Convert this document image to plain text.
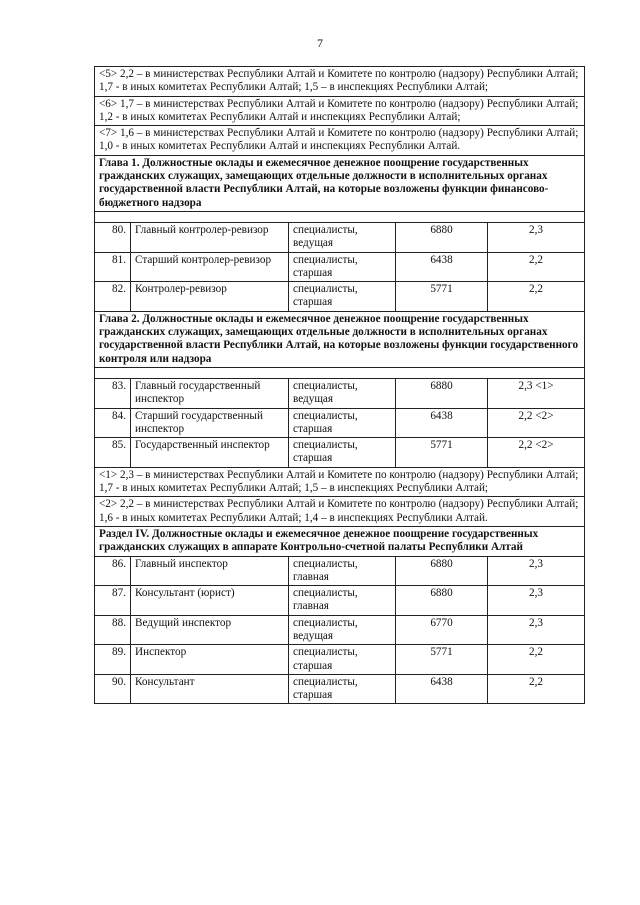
7
<5> 2,2 – в министерствах Республики Алтай и Комитете по контролю (надзору) Республики Алтай; 1,7 - в иных комитетах Республики Алтай; 1,5 – в инспекциях Республики Алтай;				
<6> 1,7 – в министерствах Республики Алтай и Комитете по контролю (надзору) Республики Алтай; 1,2 - в иных комитетах Республики Алтай и инспекциях Республики Алтай;				
<7> 1,6 – в министерствах Республики Алтай и Комитете по контролю (надзору) Республики Алтай; 1,0 - в иных комитетах Республики Алтай и инспекциях Республики Алтай.				
Глава 1. Должностные оклады и ежемесячное денежное поощрение государственных гражданских служащих, замещающих отдельные должности в исполнительных органах государственной власти Республики Алтай, на которые возложены функции финансово-бюджетного надзора				

80.	Главный контролер-ревизор	специалисты, ведущая	6880	2,3
81.	Старший контролер-ревизор	специалисты, старшая	6438	2,2
82.	Контролер-ревизор	специалисты, старшая	5771	2,2
Глава 2. Должностные оклады и ежемесячное денежное поощрение государственных гражданских служащих, замещающих отдельные должности в исполнительных органах государственной власти Республики Алтай, на которые возложены функции государственного контроля или надзора				

83.	Главный государственный инспектор	специалисты, ведущая	6880	2,3 <1>
84.	Старший государственный инспектор	специалисты, старшая	6438	2,2 <2>
85.	Государственный инспектор	специалисты, старшая	5771	2,2 <2>
<1> 2,3 – в министерствах Республики Алтай и Комитете по контролю (надзору) Республики Алтай; 1,7 - в иных комитетах Республики Алтай; 1,5 – в инспекциях Республики Алтай;				
<2> 2,2 – в министерствах Республики Алтай и Комитете по контролю (надзору) Республики Алтай; 1,6 - в иных комитетах Республики Алтай; 1,4 – в инспекциях Республики Алтай.				
Раздел IV. Должностные оклады и ежемесячное денежное поощрение государственных гражданских служащих в аппарате Контрольно-счетной палаты Республики Алтай				
86.	Главный инспектор	специалисты, главная	6880	2,3
87.	Консультант (юрист)	специалисты, главная	6880	2,3
88.	Ведущий инспектор	специалисты, ведущая	6770	2,3
89.	Инспектор	специалисты, старшая	5771	2,2
90.	Консультант	специалисты, старшая	6438	2,2
